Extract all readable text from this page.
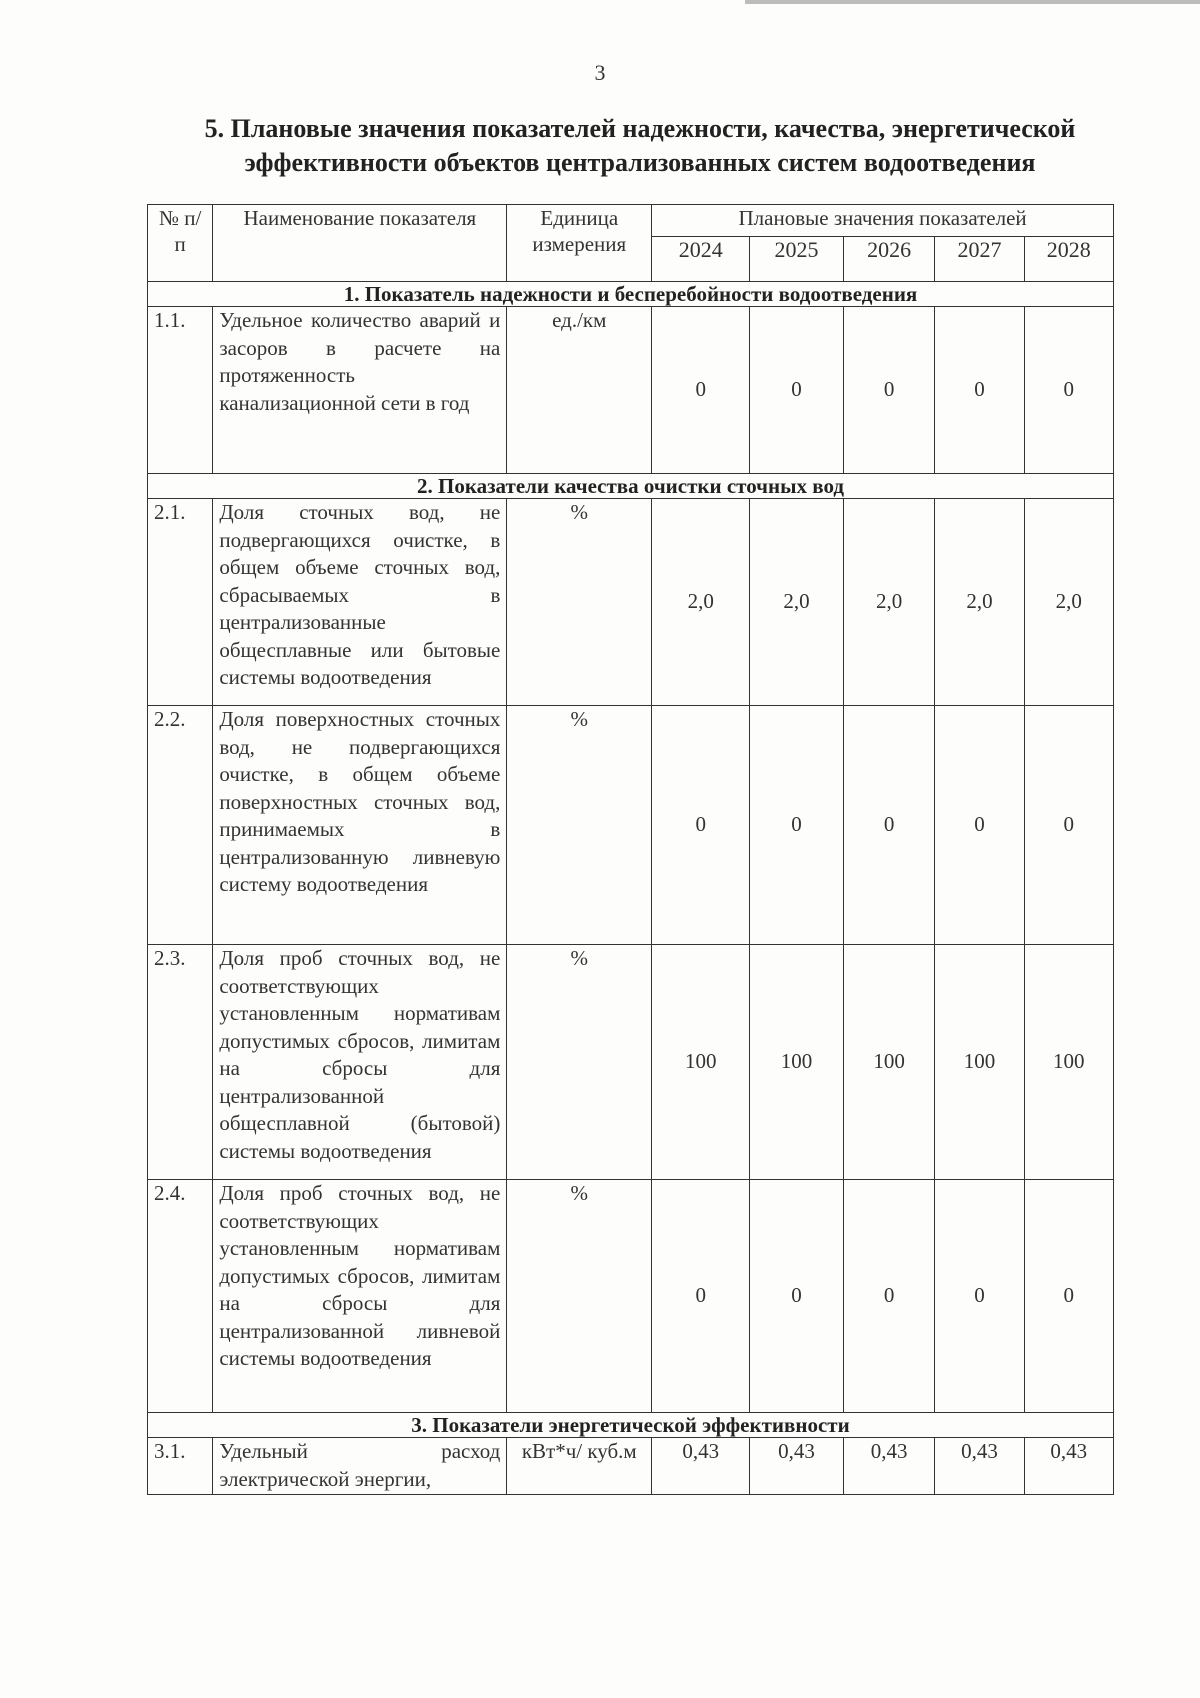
3
5. Плановые значения показателей надежности, качества, энергетической
эффективности объектов централизованных систем водоотведения
№ п/п	Наименование показателя	Единица измерения	Плановые значения показателей				
			2024	2025	2026	2027	2028
1. Показатель надежности и бесперебойности водоотведения							
1.1.	Удельное количество аварий и засоров в расчете на протяженность канализационной сети в год	ед./км	0	0	0	0	0
2. Показатели качества очистки сточных вод							
2.1.	Доля сточных вод, не подвергающихся очистке, в общем объеме сточных вод, сбрасываемых в централизованные общесплавные или бытовые системы водоотведения	%	2,0	2,0	2,0	2,0	2,0
2.2.	Доля поверхностных сточных вод, не подвергающихся очистке, в общем объеме поверхностных сточных вод, принимаемых в централизованную ливневую систему водоотведения	%	0	0	0	0	0
2.3.	Доля проб сточных вод, не соответствующих установленным нормативам допустимых сбросов, лимитам на сбросы для централизованной общесплавной (бытовой) системы водоотведения	%	100	100	100	100	100
2.4.	Доля проб сточных вод, не соответствующих установленным нормативам допустимых сбросов, лимитам на сбросы для централизованной ливневой системы водоотведения	%	0	0	0	0	0
3. Показатели энергетической эффективности							
3.1.	Удельный расход электрической энергии,	кВт*ч/ куб.м	0,43	0,43	0,43	0,43	0,43
